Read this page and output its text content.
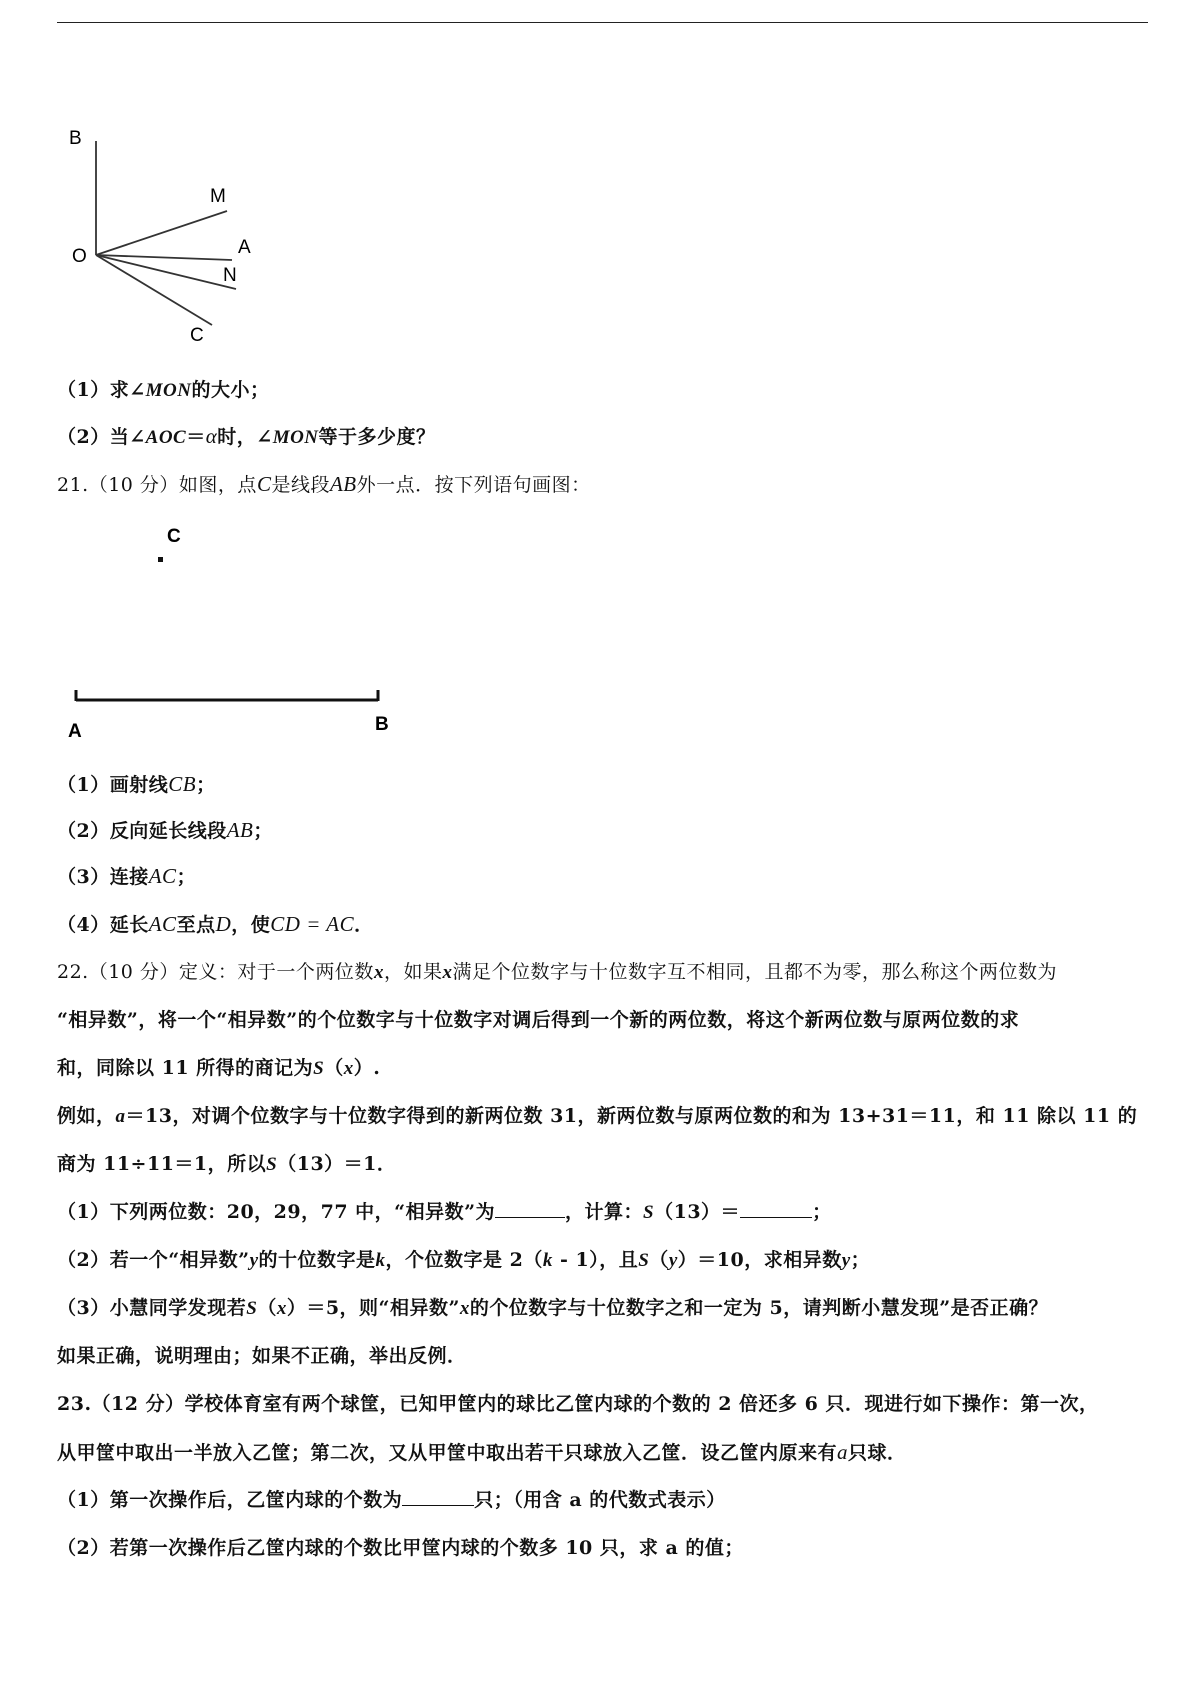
B
M
O	A
N
C
（1）求∠MON的大小；
（2）当∠AOC＝α时，∠MON等于多少度？
21.（10 分）如图，点C是线段AB外一点．按下列语句画图：
C
A	B
（1）画射线CB；
（2）反向延长线段AB；
（3）连接AC；
（4）延长AC至点D，使CD = AC．
22.（10 分）定义：对于一个两位数x，如果x满足个位数字与十位数字互不相同，且都不为零，那么称这个两位数为
“相异数”，将一个“相异数”的个位数字与十位数字对调后得到一个新的两位数，将这个新两位数与原两位数的求
和，同除以 11 所得的商记为S（x）.
例如，a＝13，对调个位数字与十位数字得到的新两位数 31，新两位数与原两位数的和为 13+31＝11，和 11 除以 11 的
商为 11÷11＝1，所以S（13）＝1．
（1）下列两位数：20，29，77 中，“相异数”为	，计算：S（13）＝	；
（2）若一个“相异数”y的十位数字是k，个位数字是 2（k - 1），且S（y）＝10，求相异数y；
（3）小慧同学发现若S（x）＝5，则“相异数”x的个位数字与十位数字之和一定为 5，请判断小慧发现”是否正确？
如果正确，说明理由；如果不正确，举出反例．
23.（12 分）学校体育室有两个球筐，已知甲筐内的球比乙筐内球的个数的 2 倍还多 6 只．现进行如下操作：第一次，
从甲筐中取出一半放入乙筐；第二次，又从甲筐中取出若干只球放入乙筐．设乙筐内原来有a只球．
（1）第一次操作后，乙筐内球的个数为	只；（用含 a 的代数式表示）
（2）若第一次操作后乙筐内球的个数比甲筐内球的个数多 10 只，求 a 的值；
